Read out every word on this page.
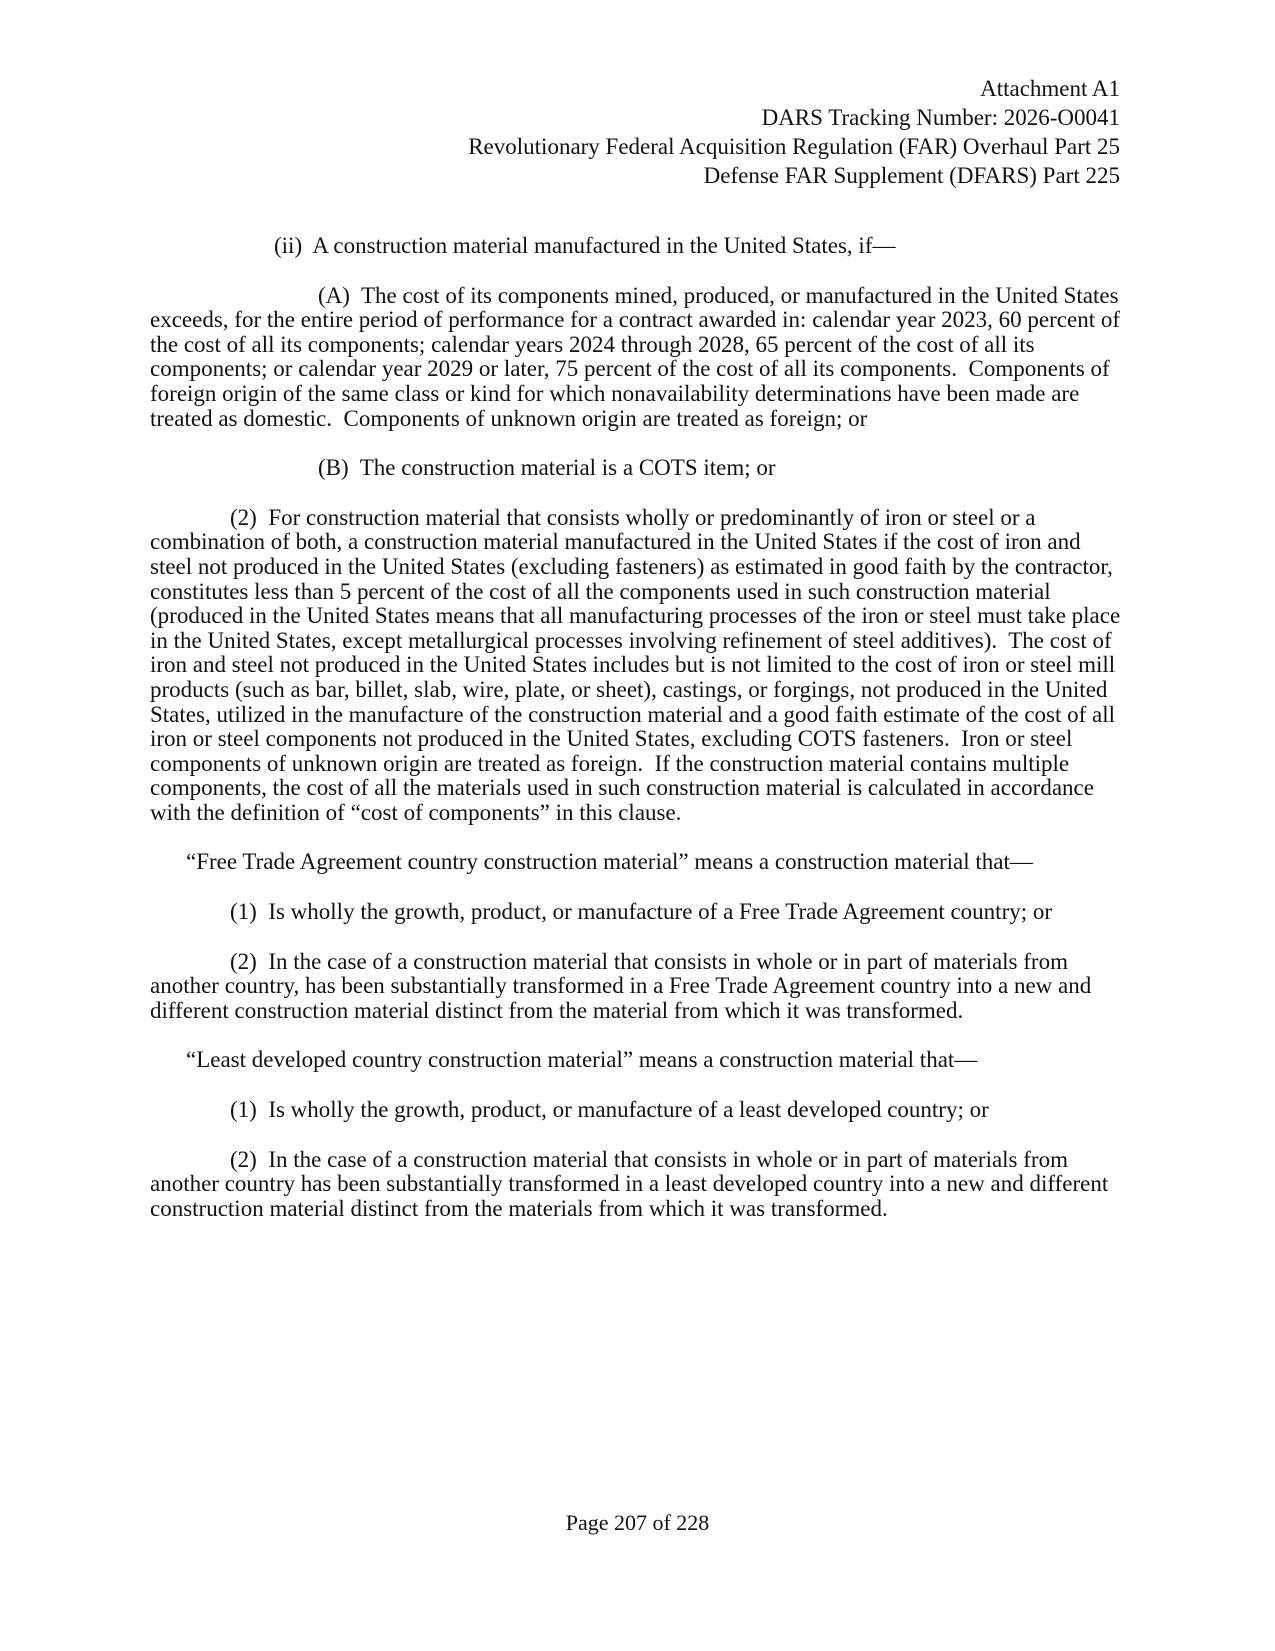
Attachment A1
DARS Tracking Number: 2026-O0041
Revolutionary Federal Acquisition Regulation (FAR) Overhaul Part 25
Defense FAR Supplement (DFARS) Part 225

(ii)  A construction material manufactured in the United States, if—

(A)  The cost of its components mined, produced, or manufactured in the United States exceeds, for the entire period of performance for a contract awarded in: calendar year 2023, 60 percent of the cost of all its components; calendar years 2024 through 2028, 65 percent of the cost of all its components; or calendar year 2029 or later, 75 percent of the cost of all its components.  Components of foreign origin of the same class or kind for which nonavailability determinations have been made are treated as domestic.  Components of unknown origin are treated as foreign; or

(B)  The construction material is a COTS item; or

(2)  For construction material that consists wholly or predominantly of iron or steel or a combination of both, a construction material manufactured in the United States if the cost of iron and steel not produced in the United States (excluding fasteners) as estimated in good faith by the contractor, constitutes less than 5 percent of the cost of all the components used in such construction material (produced in the United States means that all manufacturing processes of the iron or steel must take place in the United States, except metallurgical processes involving refinement of steel additives).  The cost of iron and steel not produced in the United States includes but is not limited to the cost of iron or steel mill products (such as bar, billet, slab, wire, plate, or sheet), castings, or forgings, not produced in the United States, utilized in the manufacture of the construction material and a good faith estimate of the cost of all iron or steel components not produced in the United States, excluding COTS fasteners.  Iron or steel components of unknown origin are treated as foreign.  If the construction material contains multiple components, the cost of all the materials used in such construction material is calculated in accordance with the definition of “cost of components” in this clause.

“Free Trade Agreement country construction material” means a construction material that—

(1)  Is wholly the growth, product, or manufacture of a Free Trade Agreement country; or

(2)  In the case of a construction material that consists in whole or in part of materials from another country, has been substantially transformed in a Free Trade Agreement country into a new and different construction material distinct from the material from which it was transformed.

“Least developed country construction material” means a construction material that—

(1)  Is wholly the growth, product, or manufacture of a least developed country; or

(2)  In the case of a construction material that consists in whole or in part of materials from another country has been substantially transformed in a least developed country into a new and different construction material distinct from the materials from which it was transformed.

Page 207 of 228
